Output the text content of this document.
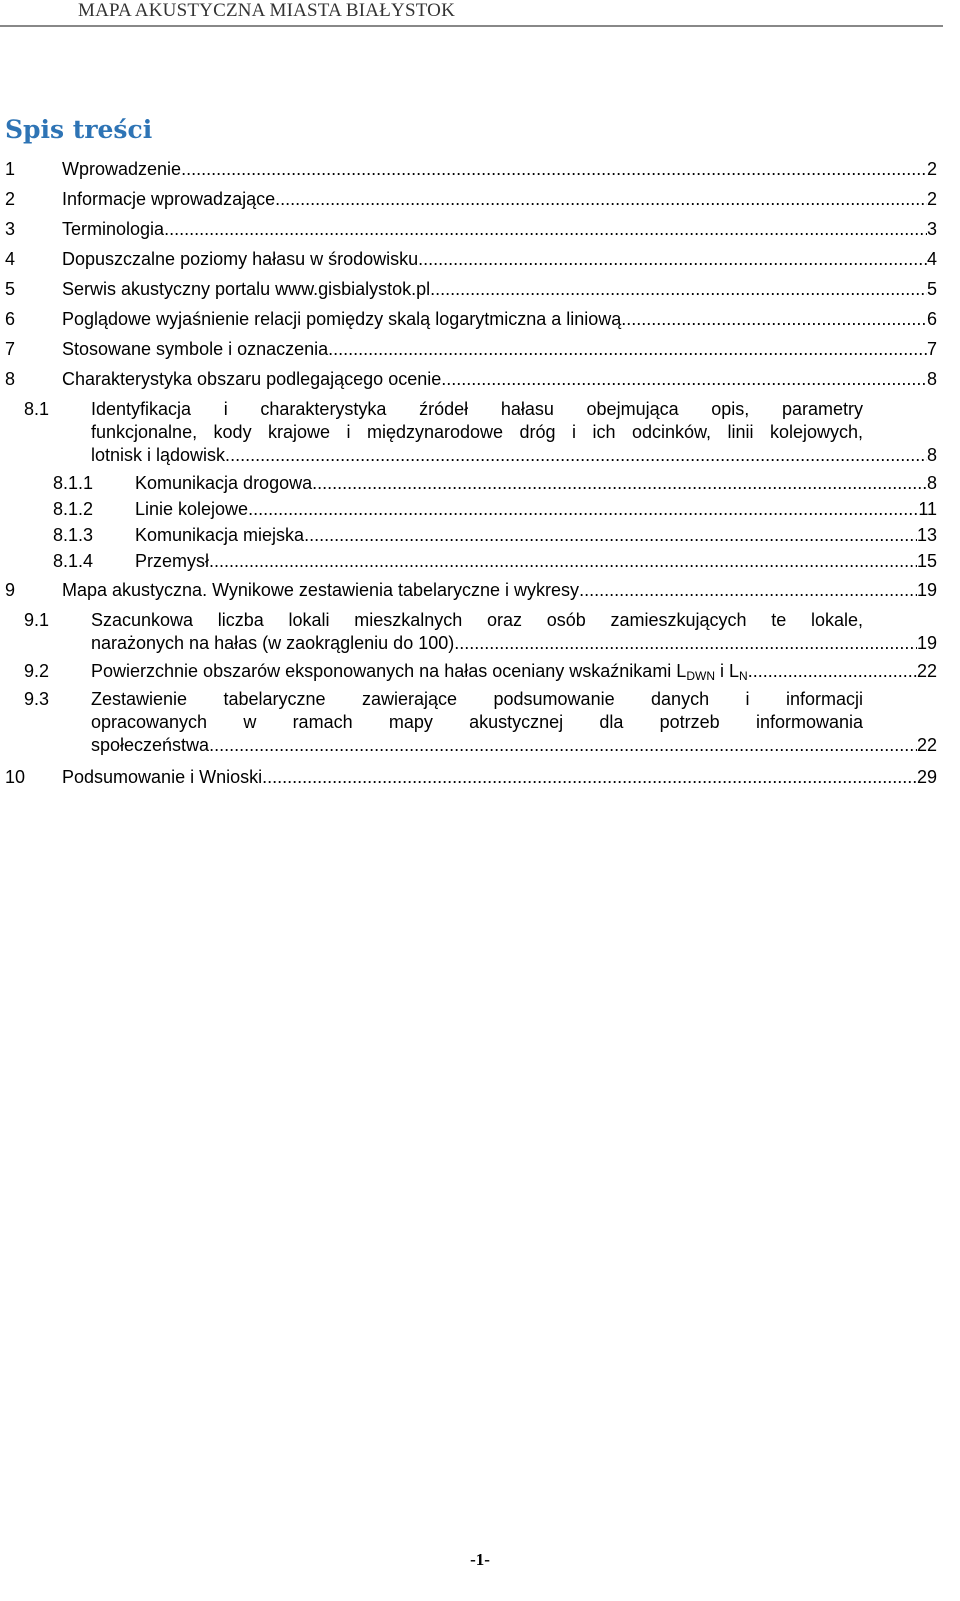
MAPA AKUSTYCZNA MIASTA BIAŁYSTOK
Spis treści
1	Wprowadzenie .....	2
2	Informacje wprowadzające .....	2
3	Terminologia .....	3
4	Dopuszczalne poziomy hałasu w środowisku .....	4
5	Serwis akustyczny portalu www.gisbialystok.pl .....	5
6	Poglądowe wyjaśnienie relacji pomiędzy skalą logarytmiczna a liniową .....	6
7	Stosowane symbole i oznaczenia .....	7
8	Charakterystyka obszaru podlegającego ocenie .....	8
8.1 Identyfikacja i charakterystyka źródeł hałasu obejmująca opis, parametry
funkcjonalne, kody krajowe i międzynarodowe dróg i ich odcinków, linii kolejowych,
lotnisk i lądowisk. .....	8
8.1.1 Komunikacja drogowa .....	8
8.1.2 Linie kolejowe .....	11
8.1.3 Komunikacja miejska .....	13
8.1.4 Przemysł .....	15
9	Mapa akustyczna. Wynikowe zestawienia tabelaryczne i wykresy .....	19
9.1 Szacunkowa liczba lokali mieszkalnych oraz osób zamieszkujących te lokale,
narażonych na hałas (w zaokrągleniu do 100) .....	19
9.2 Powierzchnie obszarów eksponowanych na hałas oceniany wskaźnikami $L_{DWN}$ i $L_N$ .....	22
9.3 Zestawienie tabelaryczne zawierające podsumowanie danych i informacji
opracowanych w ramach mapy akustycznej dla potrzeb informowania
społeczeństwa. .....	22
10 Podsumowanie i Wnioski .....	29
-1-
